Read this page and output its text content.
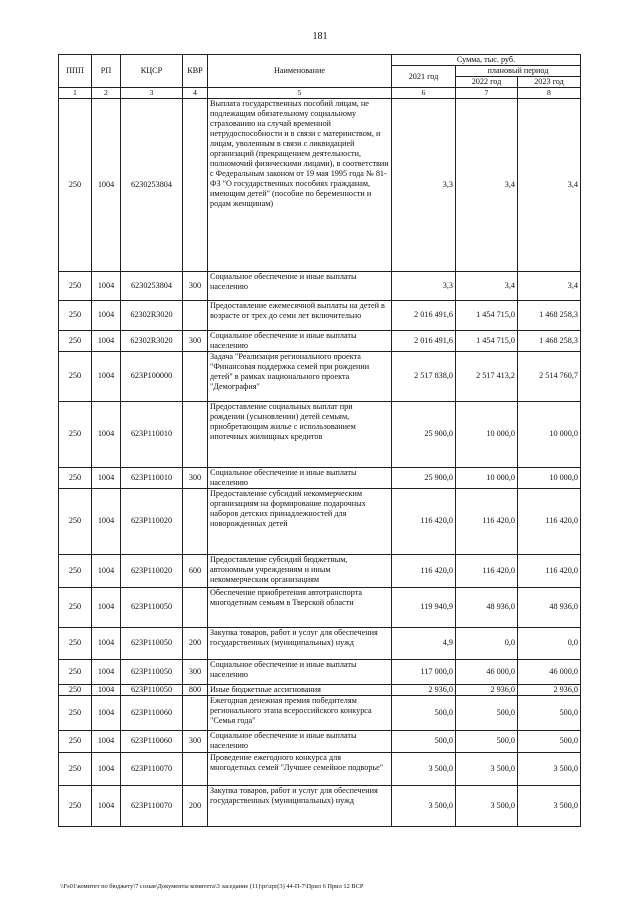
181
ППП	РП	КЦСР	КВР	Наименование	Сумма, тыс. руб.		
					2021 год	плановый период	
						2022 год	2023 год
1	2	3	4	5	6	7	8
250	1004	6230253804		Выплата государственных пособий лицам, не подлежащим обязательному социальному страхованию на случай временной нетрудоспособности и в связи с материнством, и лицам, уволенным в связи с ликвидацией организаций (прекращением деятельности, полномочий физическими лицами), в соответствии с Федеральным законом от 19 мая 1995 года № 81-ФЗ "О государственных пособиях гражданам, имеющим детей" (пособие по беременности и родам женщинам)	3,3	3,4	3,4
250	1004	6230253804	300	Социальное обеспечение и иные выплаты населению	3,3	3,4	3,4
250	1004	62302R3020		Предоставление ежемесячной выплаты на детей в возрасте от трех до семи лет включительно	2 016 491,6	1 454 715,0	1 468 258,3
250	1004	62302R3020	300	Социальное обеспечение и иные выплаты населению	2 016 491,6	1 454 715,0	1 468 258,3
250	1004	623P100000		Задача "Реализация регионального проекта "Финансовая поддержка семей при рождении детей" в рамках национального проекта "Демография"	2 517 838,0	2 517 413,2	2 514 760,7
250	1004	623P110010		Предоставление социальных выплат при рождении (усыновлении) детей семьям, приобретающим жилье с использованием ипотечных жилищных кредитов	25 900,0	10 000,0	10 000,0
250	1004	623P110010	300	Социальное обеспечение и иные выплаты населению	25 900,0	10 000,0	10 000,0
250	1004	623P110020		Предоставление субсидий некоммерческим организациям на формирование подарочных наборов детских принадлежностей для новорожденных детей	116 420,0	116 420,0	116 420,0
250	1004	623P110020	600	Предоставление субсидий бюджетным, автономным учреждениям и иным некоммерческим организациям	116 420,0	116 420,0	116 420,0
250	1004	623P110050		Обеспечение приобретения автотранспорта многодетным семьям в Тверской области	119 940,9	48 936,0	48 936,0
250	1004	623P110050	200	Закупка товаров, работ и услуг для обеспечения государственных (муниципальных) нужд	4,9	0,0	0,0
250	1004	623P110050	300	Социальное обеспечение и иные выплаты населению	117 000,0	46 000,0	46 000,0
250	1004	623P110050	800	Иные бюджетные ассигнования	2 936,0	2 936,0	2 936,0
250	1004	623P110060		Ежегодная денежная премия победителям регионального этапа всероссийского конкурса "Семья года"	500,0	500,0	500,0
250	1004	623P110060	300	Социальное обеспечение и иные выплаты населению	500,0	500,0	500,0
250	1004	623P110070		Проведение ежегодного конкурса для многодетных семей "Лучшее семейное подворье"	3 500,0	3 500,0	3 500,0
250	1004	623P110070	200	Закупка товаров, работ и услуг для обеспечения государственных (муниципальных) нужд	3 500,0	3 500,0	3 500,0
\\Fs01\комитет по бюджету\7 созыв\Документы комитета\3 заседание (11)\pr\zpr(3) 44-П-7\Прил 6 Прил 12 ВСР
